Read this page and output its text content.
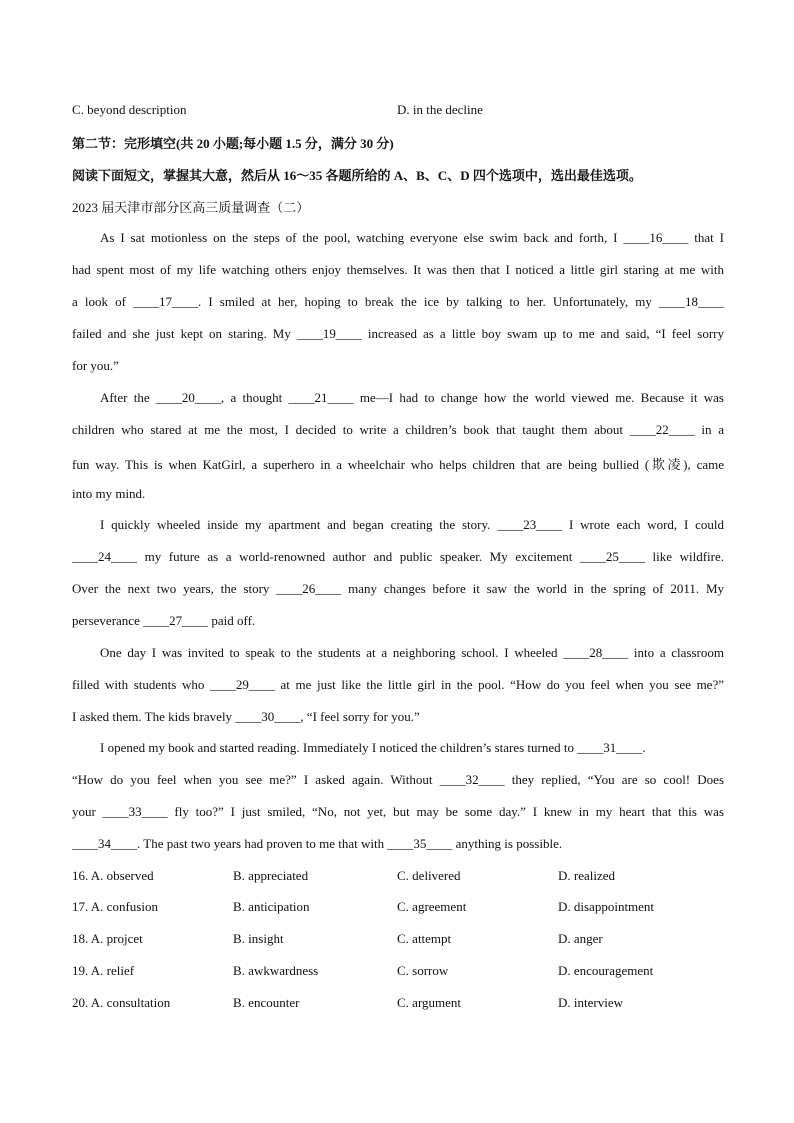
C. beyond description	D. in the decline
第二节：完形填空(共 20 小题;每小题 1.5 分，满分 30 分)
阅读下面短文，掌握其大意，然后从 16～35 各题所给的 A、B、C、D 四个选项中，选出最佳选项。
2023 届天津市部分区高三质量调查（二）
As I sat motionless on the steps of the pool, watching everyone else swim back and forth, I ____16____ that I
had spent most of my life watching others enjoy themselves. It was then that I noticed a little girl staring at me with
a look of ____17____. I smiled at her, hoping to break the ice by talking to her. Unfortunately, my ____18____
failed and she just kept on staring. My ____19____ increased as a little boy swam up to me and said, “I feel sorry
for you.”
After the ____20____, a thought ____21____ me—I had to change how the world viewed me. Because it was
children who stared at me the most, I decided to write a children’s book that taught them about ____22____ in a
fun way. This is when KatGirl, a superhero in a wheelchair who helps children that are being bullied (欺凌), came
into my mind.
I quickly wheeled inside my apartment and began creating the story. ____23____ I wrote each word, I could
____24____ my future as a world-renowned author and public speaker. My excitement ____25____ like wildfire.
Over the next two years, the story ____26____ many changes before it saw the world in the spring of 2011. My
perseverance ____27____ paid off.
One day I was invited to speak to the students at a neighboring school. I wheeled ____28____ into a classroom
filled with students who ____29____ at me just like the little girl in the pool. “How do you feel when you see me?”
I asked them. The kids bravely ____30____, “I feel sorry for you.”
I opened my book and started reading. Immediately I noticed the children’s stares turned to ____31____.
“How do you feel when you see me?” I asked again. Without ____32____ they replied, “You are so cool! Does
your ____33____ fly too?” I just smiled, “No, not yet, but may be some day.” I knew in my heart that this was
____34____. The past two years had proven to me that with ____35____ anything is possible.
16. A. observed	B. appreciated	C. delivered	D. realized
17. A. confusion	B. anticipation	C. agreement	D. disappointment
18. A. projcet	B. insight	C. attempt	D. anger
19. A. relief	B. awkwardness	C. sorrow	D. encouragement
20. A. consultation	B. encounter	C. argument	D. interview
